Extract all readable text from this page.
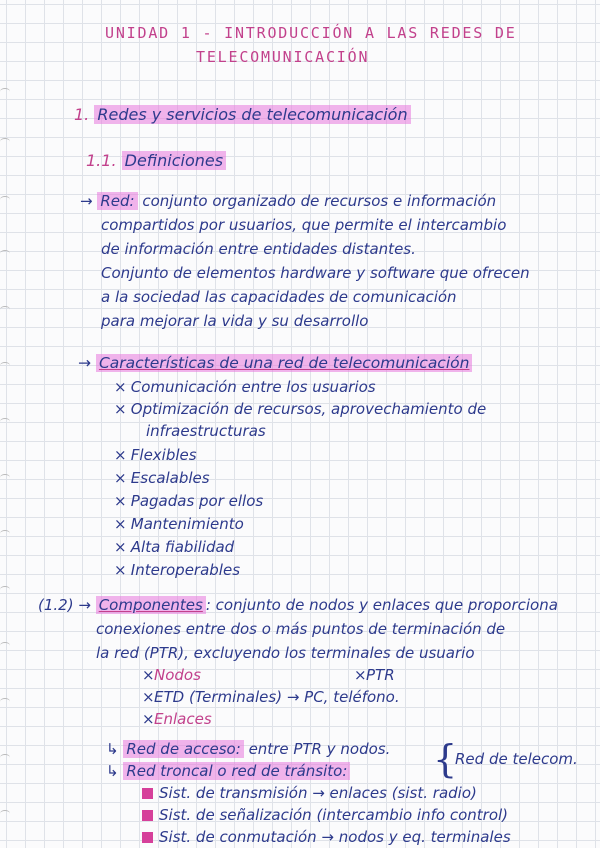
UNIDAD 1 - INTRODUCCIÓN A LAS REDES DE
TELECOMUNICACIÓN
1. Redes y servicios de telecomunicación
1.1. Definiciones
→ Red: conjunto organizado de recursos e información
compartidos por usuarios, que permite el intercambio
de información entre entidades distantes.
Conjunto de elementos hardware y software que ofrecen
a la sociedad las capacidades de comunicación
para mejorar la vida y su desarrollo
→ Características de una red de telecomunicación
× Comunicación entre los usuarios
× Optimización de recursos, aprovechamiento de
infraestructuras
× Flexibles
× Escalables
× Pagadas por ellos
× Mantenimiento
× Alta fiabilidad
× Interoperables
(1.2) → Componentes : conjunto de nodos y enlaces que proporciona
conexiones entre dos o más puntos de terminación de
la red (PTR), excluyendo los terminales de usuario
×Nodos	×PTR
×ETD (Terminales) → PC, teléfono.
×Enlaces
↳ Red de acceso: entre PTR y nodos.
↳ Red troncal o red de tránsito: {
Red de telecom.
Sist. de transmisión → enlaces (sist. radio)
Sist. de señalización (intercambio info control)
Sist. de conmutación → nodos y eq. terminales
